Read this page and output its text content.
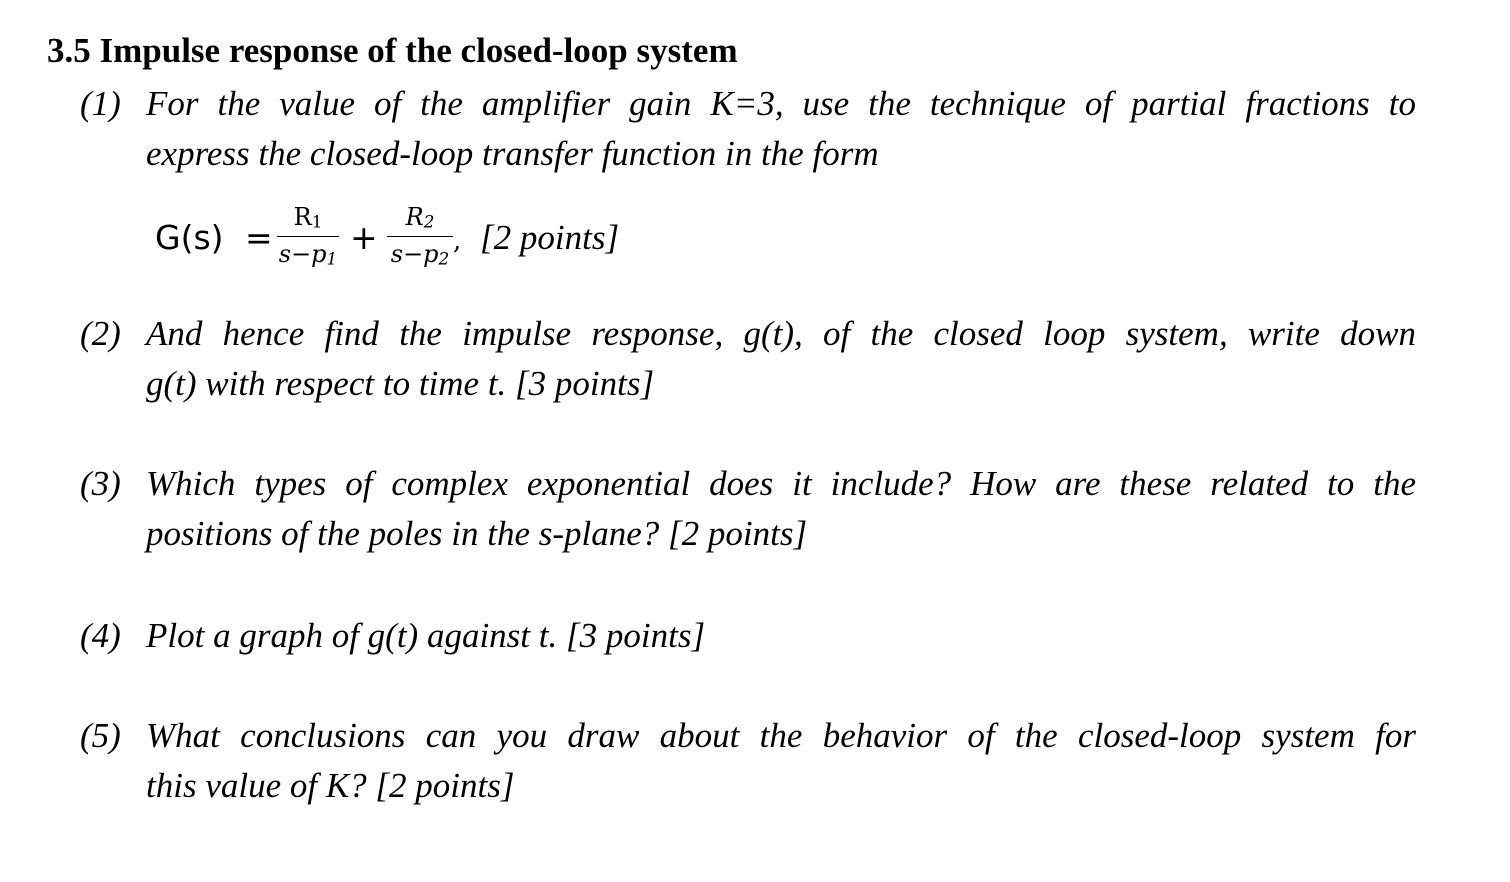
3.5 Impulse response of the closed-loop system
(1) For the value of the amplifier gain K=3, use the technique of partial fractions to
express the closed-loop transfer function in the form
G(s) =
$R_1$
$s-p_1$
+
$R_2$
$s-p_2$
, [2 points]
(2) And hence find the impulse response, g(t), of the closed loop system, write down
g(t) with respect to time t. [3 points]
(3) Which types of complex exponential does it include? How are these related to the
positions of the poles in the s-plane? [2 points]
(4) Plot a graph of g(t) against t. [3 points]
(5) What conclusions can you draw about the behavior of the closed-loop system for
this value of K? [2 points]
